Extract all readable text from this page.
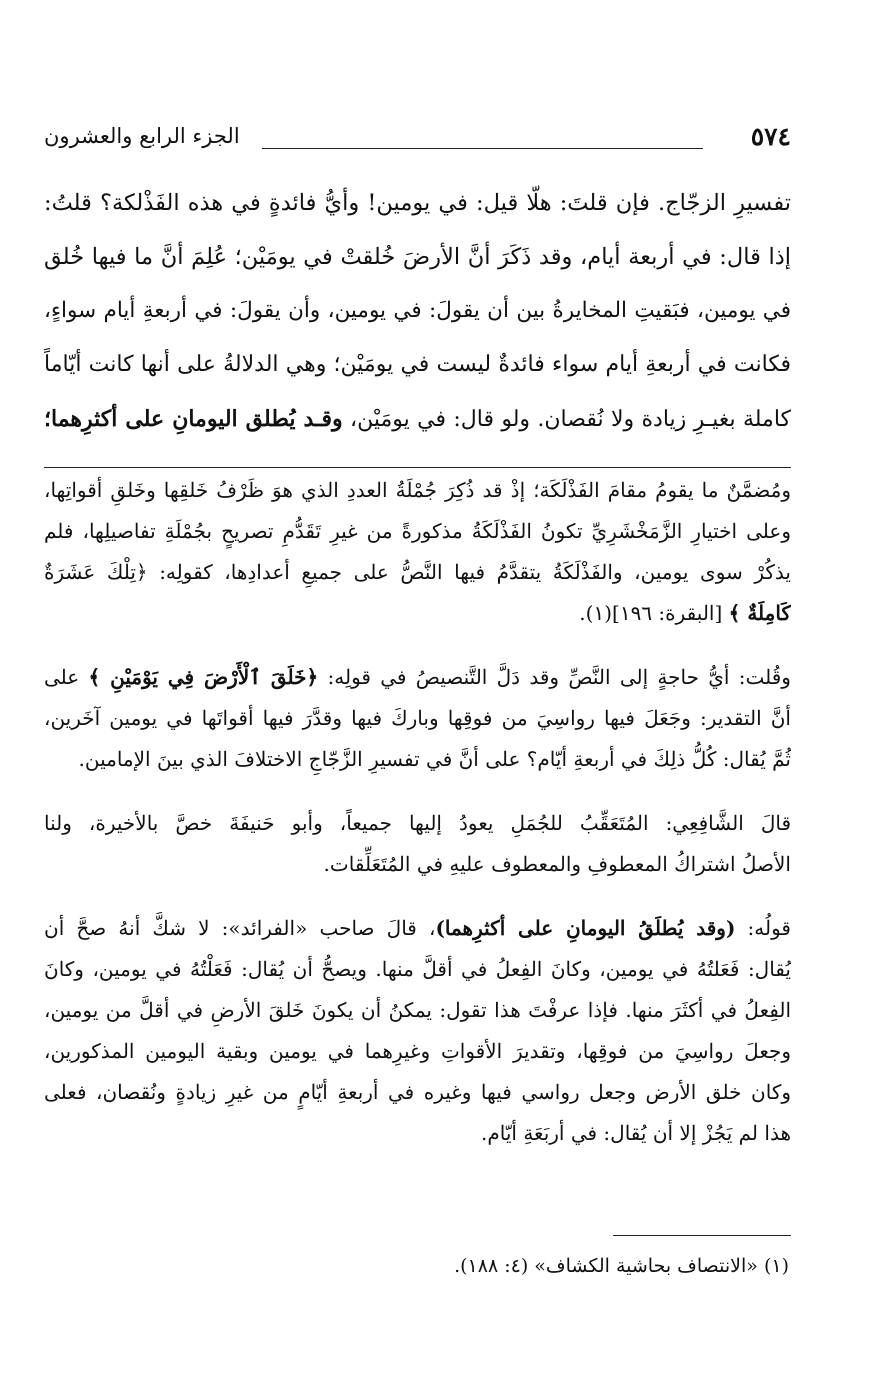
٥٧٤
الجزء الرابع والعشرون
تفسيرِ الزجّاج. فإن قلتَ: هلّا قيل: في يومين! وأيُّ فائدةٍ في هذه الفَذْلكة؟ قلتُ:
إذا قال: في أربعة أيام، وقد ذَكَرَ أنَّ الأرضَ خُلقتْ في يومَيْن؛ عُلِمَ أنَّ ما فيها خُلق
في يومين، فبَقيتِ المخايرةُ بين أن يقولَ: في يومين، وأن يقولَ: في أربعةِ أيام سواءٍ،
فكانت في أربعةِ أيام سواء فائدةٌ ليست في يومَيْن؛ وهي الدلالةُ على أنها كانت أيّاماً
كاملة بغيـرِ زيادة ولا نُقصان. ولو قال: في يومَيْن، وقـد يُطلق اليومانِ على أكثرِهما؛
ومُضمَّنٌ ما يقومُ مقامَ الفَذْلَكَة؛ إذْ قد ذُكِرَ جُمْلَةُ العددِ الذي هوَ ظَرْفُ خَلقِها وخَلقِ أقواتِها،
وعلى اختيارِ الزَّمَخْشَرِيِّ تكونُ الفَذْلَكَةُ مذكورةً من غيرِ تَقَدُّمِ تصريحٍ بجُمْلَةِ تفاصيلِها، فلم
يذكُرْ سوى يومين، والفَذْلَكَةُ يتقدَّمُ فيها النَّصُّ على جميعِ أعدادِها، كقولِه: ﴿تِلْكَ عَشَرَةٌ
كَامِلَةٌ ﴾ [البقرة: ١٩٦](١).
وقُلت: أيُّ حاجةٍ إلى النَّصِّ وقد دَلَّ التَّنصيصُ في قولِه: ﴿خَلَقَ ٱلْأَرْضَ فِي يَوْمَيْنِ ﴾ على
أنَّ التقدير: وجَعَلَ فيها رواسِيَ من فوقِها وباركَ فيها وقدَّرَ فيها أقواتَها في يومين آخَرين،
ثُمَّ يُقال: كُلُّ ذلِكَ في أربعةِ أيّام؟ على أنَّ في تفسيرِ الزَّجّاجِ الاختلافَ الذي بينَ الإمامين.
قالَ الشَّافِعِي: المُتَعَقِّبُ للجُمَلِ يعودُ إليها جميعاً، وأبو حَنيفَةَ خصَّ بالأخيرة، ولنا
الأصلُ اشتراكُ المعطوفِ والمعطوف عليهِ في المُتَعَلِّقات.
قولُه: (وقد يُطلَقُ اليومانِ على أكثرِهما)، قالَ صاحب «الفرائد»: لا شكَّ أنهُ صحَّ أن
يُقال: فَعَلتُهُ في يومين، وكانَ الفِعلُ في أقلَّ منها. ويصحُّ أن يُقال: فَعَلْتُهُ في يومين، وكانَ
الفِعلُ في أكثَرَ منها. فإذا عرفْتَ هذا تقول: يمكنُ أن يكونَ خَلقَ الأرضِ في أقلَّ من يومين،
وجعلَ رواسِيَ من فوقِها، وتقديرَ الأقواتِ وغيرِهما في يومين وبقية اليومين المذكورين،
وكان خلق الأرض وجعل رواسي فيها وغيره في أربعةِ أيّامٍ من غيرِ زيادةٍ ونُقصان، فعلى
هذا لم يَجُزْ إلا أن يُقال: في أربَعَةِ أيّام.
(١) «الانتصاف بحاشية الكشاف» (٤: ١٨٨).
